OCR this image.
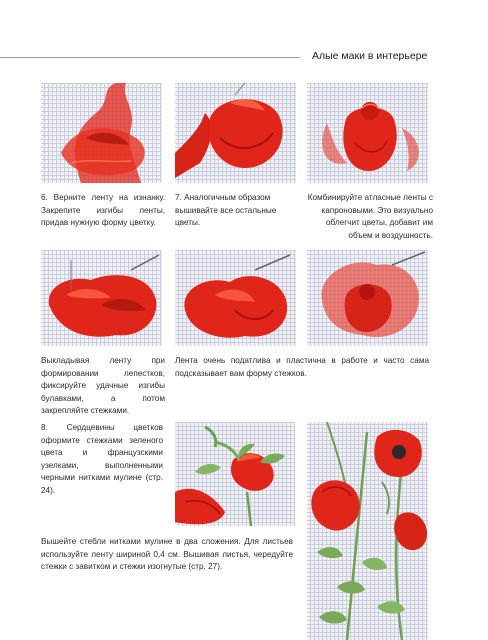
Алые маки в интерьере

6. Верните ленту на изнанку. Закрепите изгибы ленты, придав нужную форму цветку.

7. Аналогичным образом вышивайте все остальные цветы.

Комбинируйте атласные ленты с капроновыми. Это визуально облегчит цветы, добавит им объем и воздушность.

Выкладывая ленту при формировании лепестков, фиксируйте удачные изгибы булавками, а потом закрепляйте стежками.

Лента очень податлива и пластична в работе и часто сама подсказывает вам форму стежков.

8. Сердцевины цветков оформите стежками зеленого цвета и французскими узелками, выполненными черными нитками мулине (стр. 24).

Вышейте стебли нитками мулине в два сложения. Для листьев используйте ленту шириной 0,4 см. Вышивая листья, чередуйте стежки с завитком и стежки изогнутые (стр. 27).
